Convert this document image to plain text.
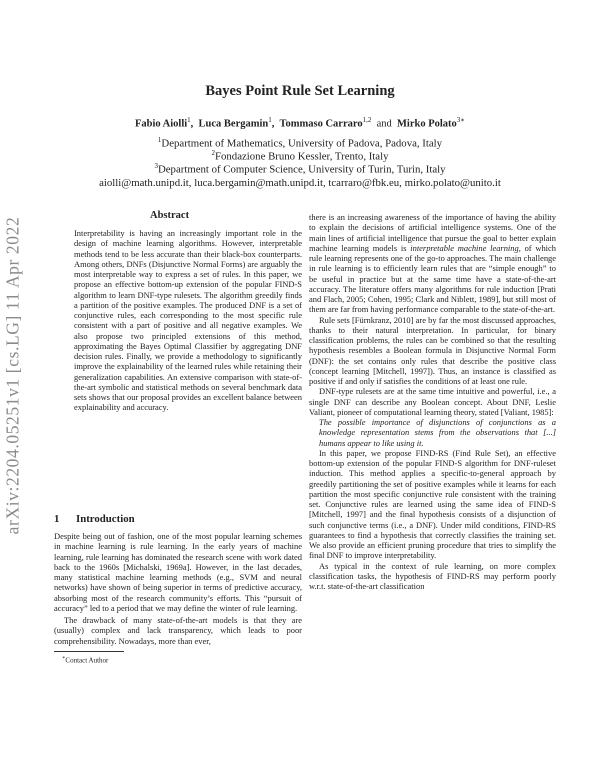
arXiv:2204.05251v1 [cs.LG] 11 Apr 2022
Bayes Point Rule Set Learning
Fabio Aiolli$^1$,  Luca Bergamin$^1$,  Tommaso Carraro$^{1,2}$ and Mirko Polato$^{3∗}$
$^1$Department of Mathematics, University of Padova, Padova, Italy
$^2$Fondazione Bruno Kessler, Trento, Italy
$^3$Department of Computer Science, University of Turin, Turin, Italy
aiolli@math.unipd.it, luca.bergamin@math.unipd.it, tcarraro@fbk.eu, mirko.polato@unito.it
Abstract

Interpretability is having an increasingly important role in the design of machine learning algorithms. However, interpretable methods tend to be less accurate than their black-box counterparts. Among others, DNFs (Disjunctive Normal Forms) are arguably the most interpretable way to express a set of rules. In this paper, we propose an effective bottom-up extension of the popular FIND-S algorithm to learn DNF-type rulesets. The algorithm greedily finds a partition of the positive examples. The produced DNF is a set of conjunctive rules, each corresponding to the most specific rule consistent with a part of positive and all negative examples. We also propose two principled extensions of this method, approximating the Bayes Optimal Classifier by aggregating DNF decision rules. Finally, we provide a methodology to significantly improve the explainability of the learned rules while retaining their generalization capabilities. An extensive comparison with state-of-the-art symbolic and statistical methods on several benchmark data sets shows that our proposal provides an excellent balance between explainability and accuracy.

1 Introduction

Despite being out of fashion, one of the most popular learning schemes in machine learning is rule learning. In the early years of machine learning, rule learning has dominated the research scene with work dated back to the 1960s [Michalski, 1969a]. However, in the last decades, many statistical machine learning methods (e.g., SVM and neural networks) have shown of being superior in terms of predictive accuracy, absorbing most of the research community’s efforts. This “pursuit of accuracy” led to a period that we may define the winter of rule learning.

The drawback of many state-of-the-art models is that they are (usually) complex and lack transparency, which leads to poor comprehensibility. Nowadays, more than ever,

there is an increasing awareness of the importance of having the ability to explain the decisions of artificial intelligence systems. One of the main lines of artificial intelligence that pursue the goal to better explain machine learning models is interpretable machine learning, of which rule learning represents one of the go-to approaches. The main challenge in rule learning is to efficiently learn rules that are “simple enough” to be useful in practice but at the same time have a state-of-the-art accuracy. The literature offers many algorithms for rule induction [Prati and Flach, 2005; Cohen, 1995; Clark and Niblett, 1989], but still most of them are far from having performance comparable to the state-of-the-art.

Rule sets [Fürnkranz, 2010] are by far the most discussed approaches, thanks to their natural interpretation. In particular, for binary classification problems, the rules can be combined so that the resulting hypothesis resembles a Boolean formula in Disjunctive Normal Form (DNF): the set contains only rules that describe the positive class (concept learning [Mitchell, 1997]). Thus, an instance is classified as positive if and only if satisfies the conditions of at least one rule.

DNF-type rulesets are at the same time intuitive and powerful, i.e., a single DNF can describe any Boolean concept. About DNF, Leslie Valiant, pioneer of computational learning theory, stated [Valiant, 1985]:

The possible importance of disjunctions of conjunctions as a knowledge representation stems from the observations that [...] humans appear to like using it.

In this paper, we propose FIND-RS (Find Rule Set), an effective bottom-up extension of the popular FIND-S algorithm for DNF-ruleset induction. This method applies a specific-to-general approach by greedily partitioning the set of positive examples while it learns for each partition the most specific conjunctive rule consistent with the training set. Conjunctive rules are learned using the same idea of FIND-S [Mitchell, 1997] and the final hypothesis consists of a disjunction of such conjunctive terms (i.e., a DNF). Under mild conditions, FIND-RS guarantees to find a hypothesis that correctly classifies the training set. We also provide an efficient pruning procedure that tries to simplify the final DNF to improve interpretability.

As typical in the context of rule learning, on more complex classification tasks, the hypothesis of FIND-RS may perform poorly w.r.t. state-of-the-art classification

∗Contact Author
